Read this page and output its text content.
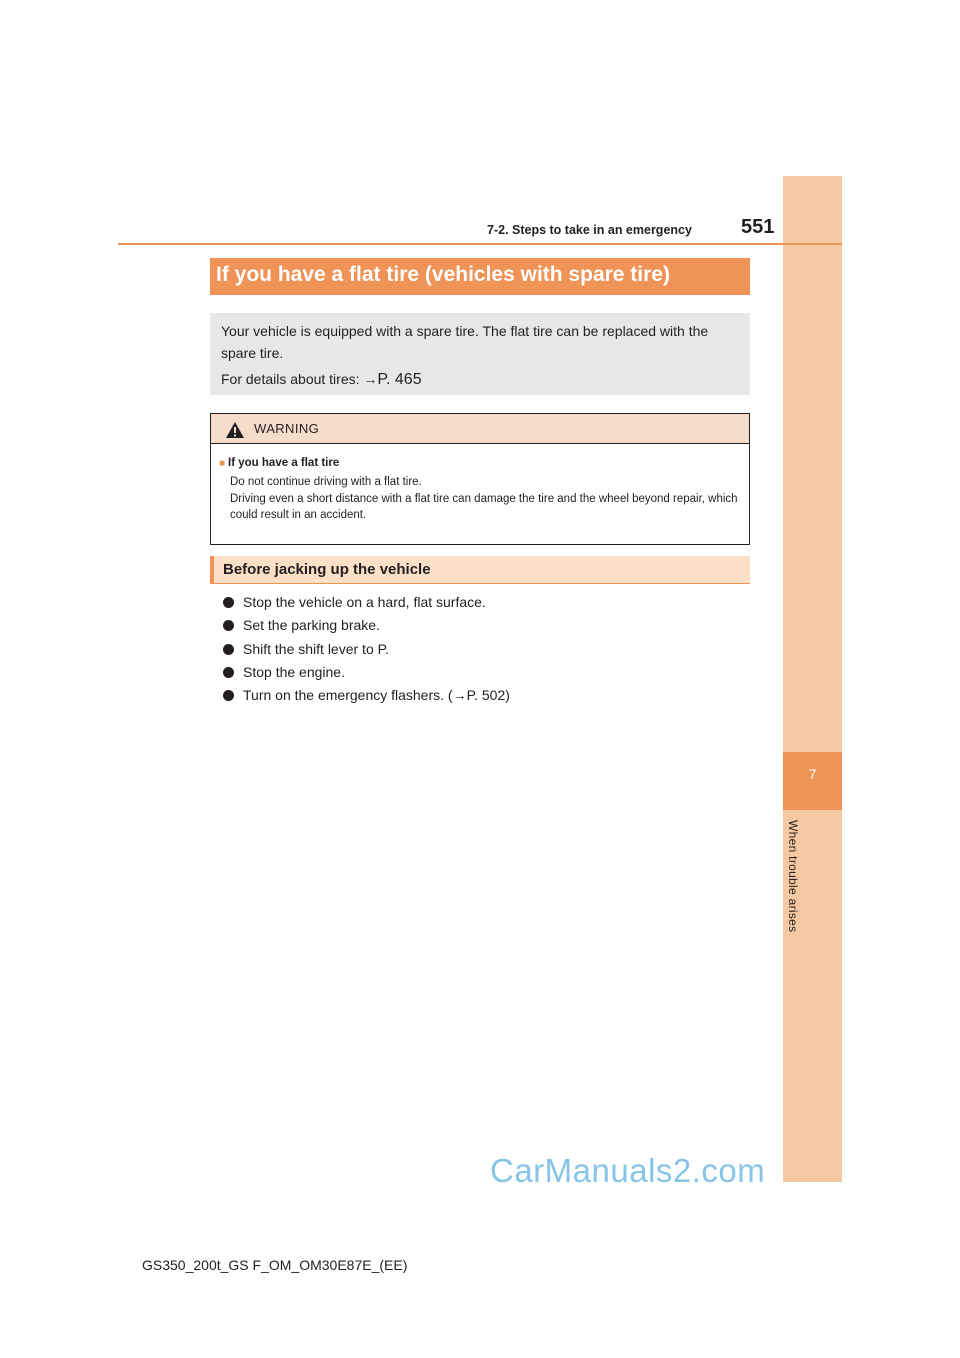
7
When trouble arises
7-2. Steps to take in an emergency 551
If you have a flat tire (vehicles with spare tire)

Your vehicle is equipped with a spare tire. The flat tire can be replaced with the spare tire.

For details about tires: →P. 465

WARNING
■ If you have a flat tire
Do not continue driving with a flat tire.
Driving even a short distance with a flat tire can damage the tire and the wheel beyond repair, which could result in an accident.
Before jacking up the vehicle
Stop the vehicle on a hard, flat surface.
Set the parking brake.
Shift the shift lever to P.
Stop the engine.
Turn on the emergency flashers. (→P. 502)
CarManuals2.com
GS350_200t_GS F_OM_OM30E87E_(EE)
